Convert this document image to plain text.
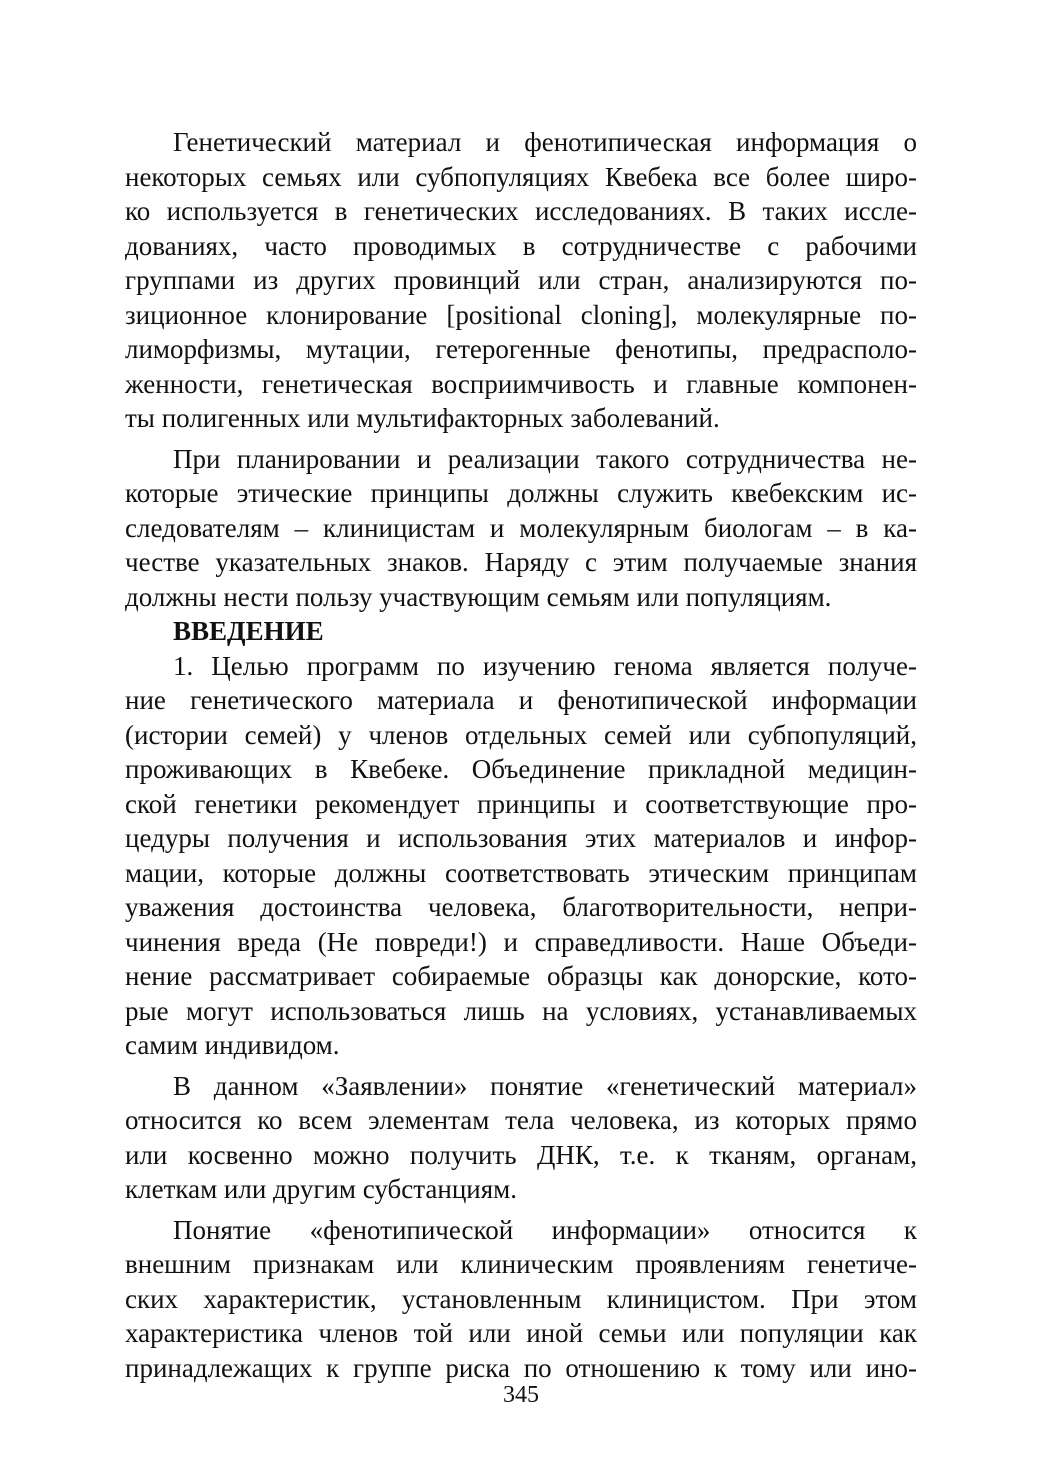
Генетический материал и фенотипическая информация о
некоторых семьях или субпопуляциях Квебека все более широ-
ко используется в генетических исследованиях. В таких иссле-
дованиях, часто проводимых в сотрудничестве с рабочими
группами из других провинций или стран, анализируются по-
зиционное клонирование [positional cloning], молекулярные по-
лиморфизмы, мутации, гетерогенные фенотипы, предрасполо-
женности, генетическая восприимчивость и главные компонен-
ты полигенных или мультифакторных заболеваний.
При планировании и реализации такого сотрудничества не-
которые этические принципы должны служить квебекским ис-
следователям – клиницистам и молекулярным биологам – в ка-
честве указательных знаков. Наряду с этим получаемые знания
должны нести пользу участвующим семьям или популяциям.
ВВЕДЕНИЕ
1. Целью программ по изучению генома является получе-
ние генетического материала и фенотипической информации
(истории семей) у членов отдельных семей или субпопуляций,
проживающих в Квебеке. Объединение прикладной медицин-
ской генетики рекомендует принципы и соответствующие про-
цедуры получения и использования этих материалов и инфор-
мации, которые должны соответствовать этическим принципам
уважения достоинства человека, благотворительности, непри-
чинения вреда (Не повреди!) и справедливости. Наше Объеди-
нение рассматривает собираемые образцы как донорские, кото-
рые могут использоваться лишь на условиях, устанавливаемых
самим индивидом.
В данном «Заявлении» понятие «генетический материал»
относится ко всем элементам тела человека, из которых прямо
или косвенно можно получить ДНК, т.е. к тканям, органам,
клеткам или другим субстанциям.
Понятие «фенотипической информации» относится к
внешним признакам или клиническим проявлениям генетиче-
ских характеристик, установленным клиницистом. При этом
характеристика членов той или иной семьи или популяции как
принадлежащих к группе риска по отношению к тому или ино-
345
